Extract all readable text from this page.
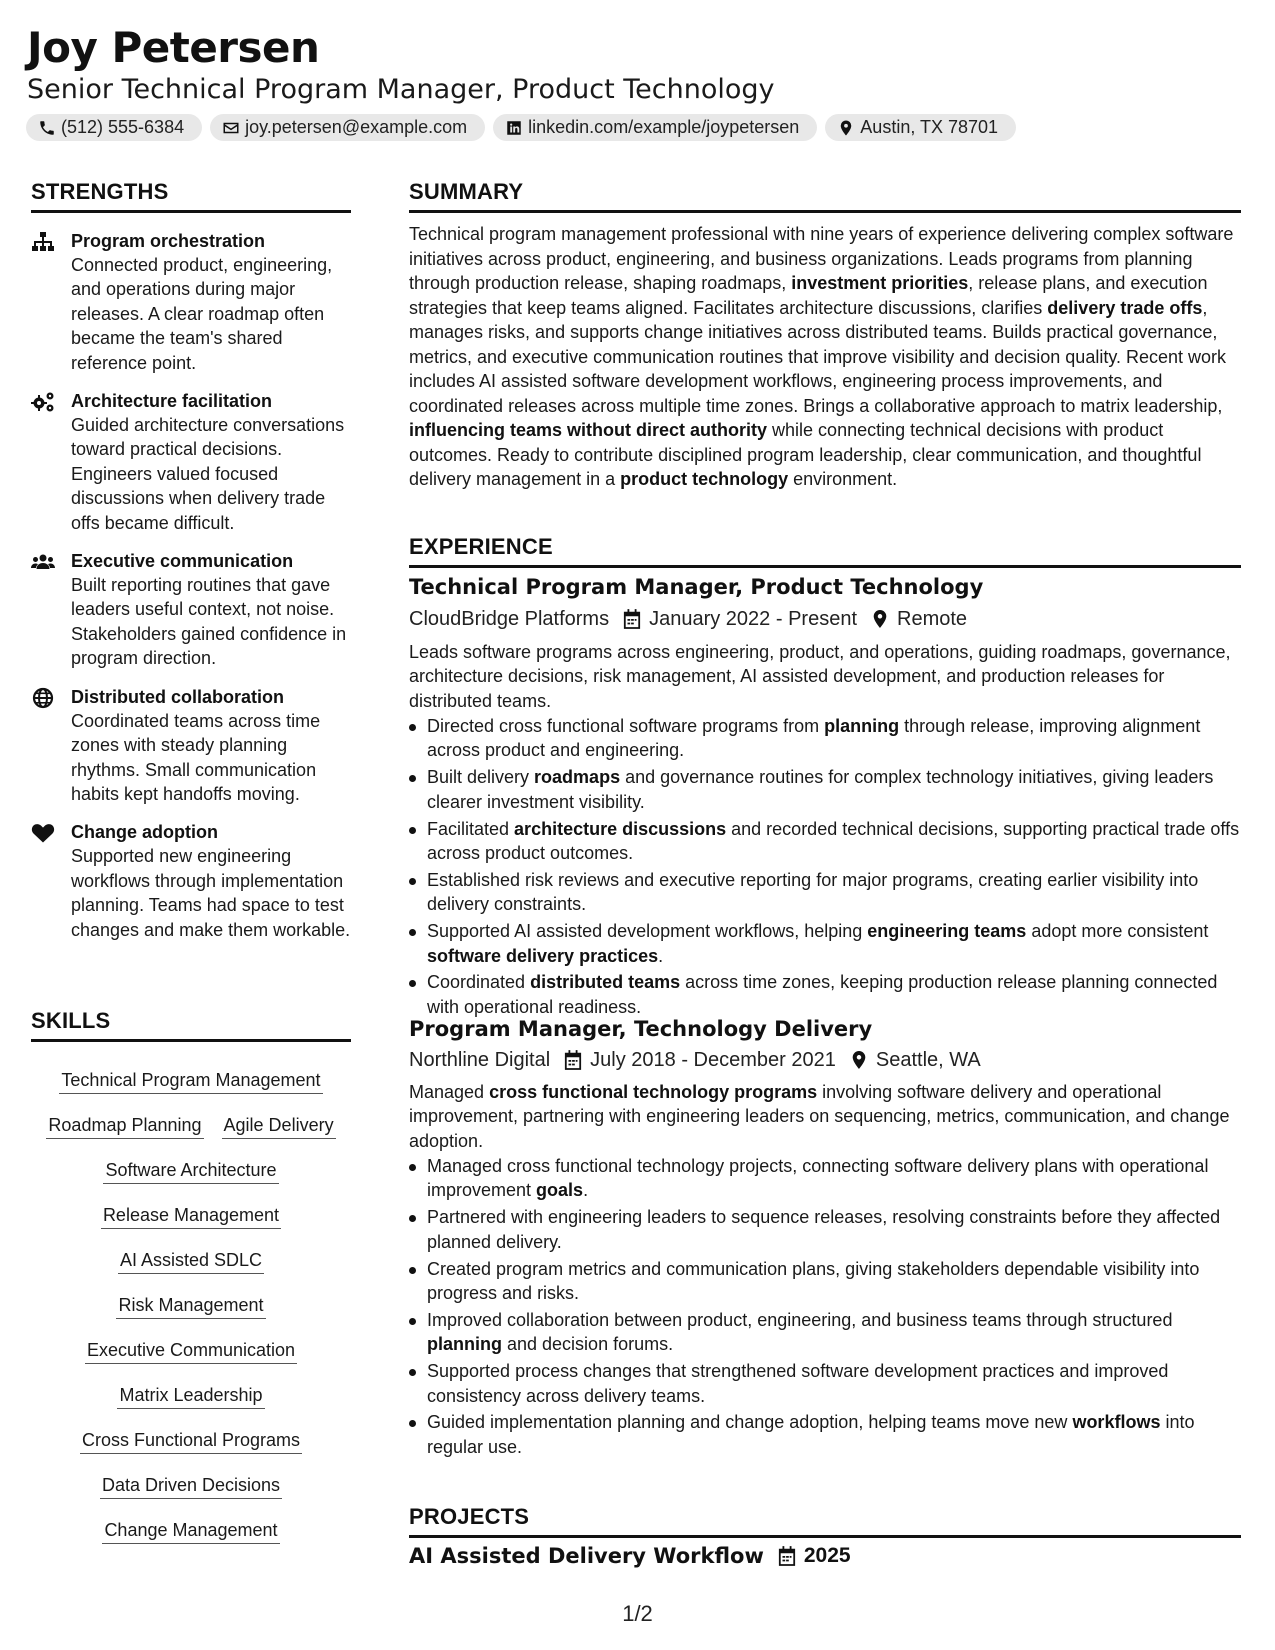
Joy Petersen
Senior Technical Program Manager, Product Technology
(512) 555-6384	joy.petersen@example.com	linkedin.com/example/joypetersen	Austin, TX 78701
STRENGTHS
Program orchestration
Connected product, engineering, and operations during major releases. A clear roadmap often became the team's shared reference point.
Architecture facilitation
Guided architecture conversations toward practical decisions. Engineers valued focused discussions when delivery trade offs became difficult.
Executive communication
Built reporting routines that gave leaders useful context, not noise. Stakeholders gained confidence in program direction.
Distributed collaboration
Coordinated teams across time zones with steady planning rhythms. Small communication habits kept handoffs moving.
Change adoption
Supported new engineering workflows through implementation planning. Teams had space to test changes and make them workable.
SKILLS
Technical Program Management
Roadmap Planning Agile Delivery
Software Architecture
Release Management
AI Assisted SDLC
Risk Management
Executive Communication
Matrix Leadership
Cross Functional Programs
Data Driven Decisions
Change Management
SUMMARY
Technical program management professional with nine years of experience delivering complex software initiatives across product, engineering, and business organizations. Leads programs from planning through production release, shaping roadmaps, investment priorities, release plans, and execution strategies that keep teams aligned. Facilitates architecture discussions, clarifies delivery trade offs, manages risks, and supports change initiatives across distributed teams. Builds practical governance, metrics, and executive communication routines that improve visibility and decision quality. Recent work includes AI assisted software development workflows, engineering process improvements, and coordinated releases across multiple time zones. Brings a collaborative approach to matrix leadership, influencing teams without direct authority while connecting technical decisions with product outcomes. Ready to contribute disciplined program leadership, clear communication, and thoughtful delivery management in a product technology environment.
EXPERIENCE
Technical Program Manager, Product Technology
CloudBridge Platforms January 2022 - Present Remote
Leads software programs across engineering, product, and operations, guiding roadmaps, governance, architecture decisions, risk management, AI assisted development, and production releases for distributed teams.
Directed cross functional software programs from planning through release, improving alignment across product and engineering.
Built delivery roadmaps and governance routines for complex technology initiatives, giving leaders clearer investment visibility.
Facilitated architecture discussions and recorded technical decisions, supporting practical trade offs across product outcomes.
Established risk reviews and executive reporting for major programs, creating earlier visibility into delivery constraints.
Supported AI assisted development workflows, helping engineering teams adopt more consistent software delivery practices.
Coordinated distributed teams across time zones, keeping production release planning connected with operational readiness.
Program Manager, Technology Delivery
Northline Digital July 2018 - December 2021 Seattle, WA
Managed cross functional technology programs involving software delivery and operational improvement, partnering with engineering leaders on sequencing, metrics, communication, and change adoption.
Managed cross functional technology projects, connecting software delivery plans with operational improvement goals.
Partnered with engineering leaders to sequence releases, resolving constraints before they affected planned delivery.
Created program metrics and communication plans, giving stakeholders dependable visibility into progress and risks.
Improved collaboration between product, engineering, and business teams through structured planning and decision forums.
Supported process changes that strengthened software development practices and improved consistency across delivery teams.
Guided implementation planning and change adoption, helping teams move new workflows into regular use.
PROJECTS
AI Assisted Delivery Workflow 2025
1/2
